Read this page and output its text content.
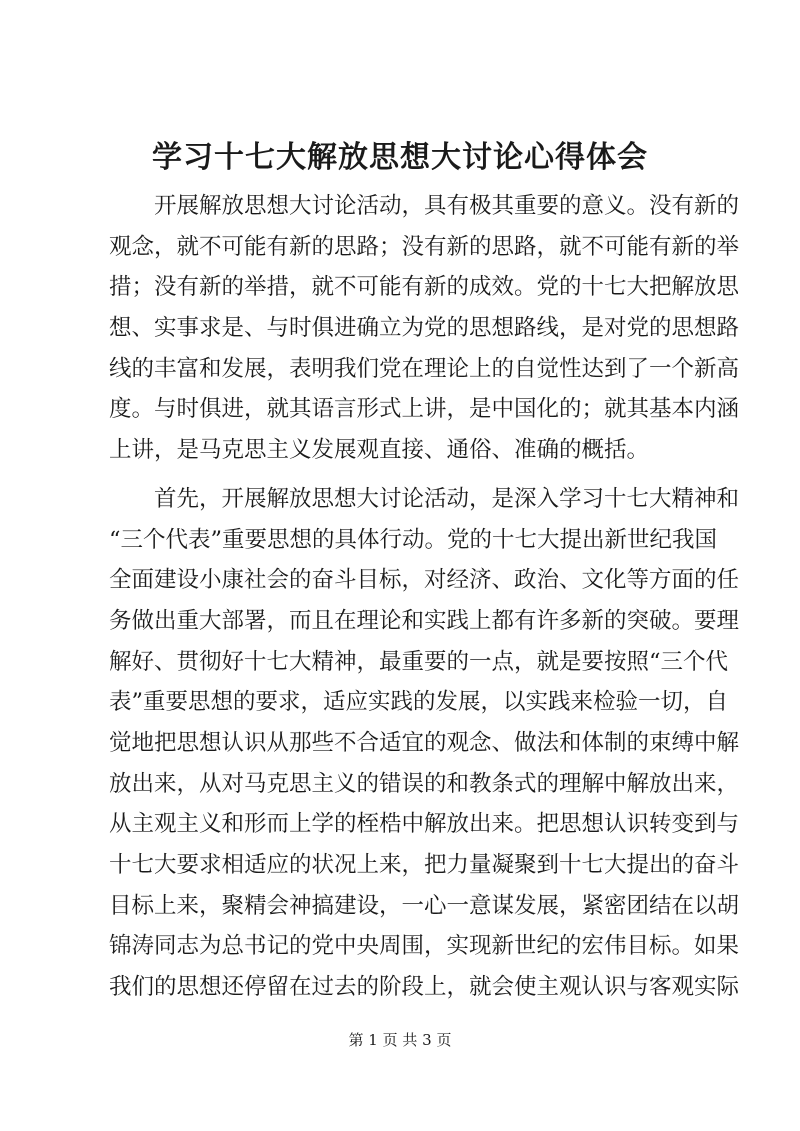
学习十七大解放思想大讨论心得体会
　　开展解放思想大讨论活动，具有极其重要的意义。没有新的
观念，就不可能有新的思路；没有新的思路，就不可能有新的举
措；没有新的举措，就不可能有新的成效。党的十七大把解放思
想、实事求是、与时俱进确立为党的思想路线，是对党的思想路
线的丰富和发展，表明我们党在理论上的自觉性达到了一个新高
度。与时俱进，就其语言形式上讲，是中国化的；就其基本内涵
上讲，是马克思主义发展观直接、通俗、准确的概括。
　　首先，开展解放思想大讨论活动，是深入学习十七大精神和
“三个代表”重要思想的具体行动。党的十七大提出新世纪我国
全面建设小康社会的奋斗目标，对经济、政治、文化等方面的任
务做出重大部署，而且在理论和实践上都有许多新的突破。要理
解好、贯彻好十七大精神，最重要的一点，就是要按照“三个代
表”重要思想的要求，适应实践的发展，以实践来检验一切，自
觉地把思想认识从那些不合适宜的观念、做法和体制的束缚中解
放出来，从对马克思主义的错误的和教条式的理解中解放出来，
从主观主义和形而上学的桎梏中解放出来。把思想认识转变到与
十七大要求相适应的状况上来，把力量凝聚到十七大提出的奋斗
目标上来，聚精会神搞建设，一心一意谋发展，紧密团结在以胡
锦涛同志为总书记的党中央周围，实现新世纪的宏伟目标。如果
我们的思想还停留在过去的阶段上，就会使主观认识与客观实际
第 1 页 共 3 页
